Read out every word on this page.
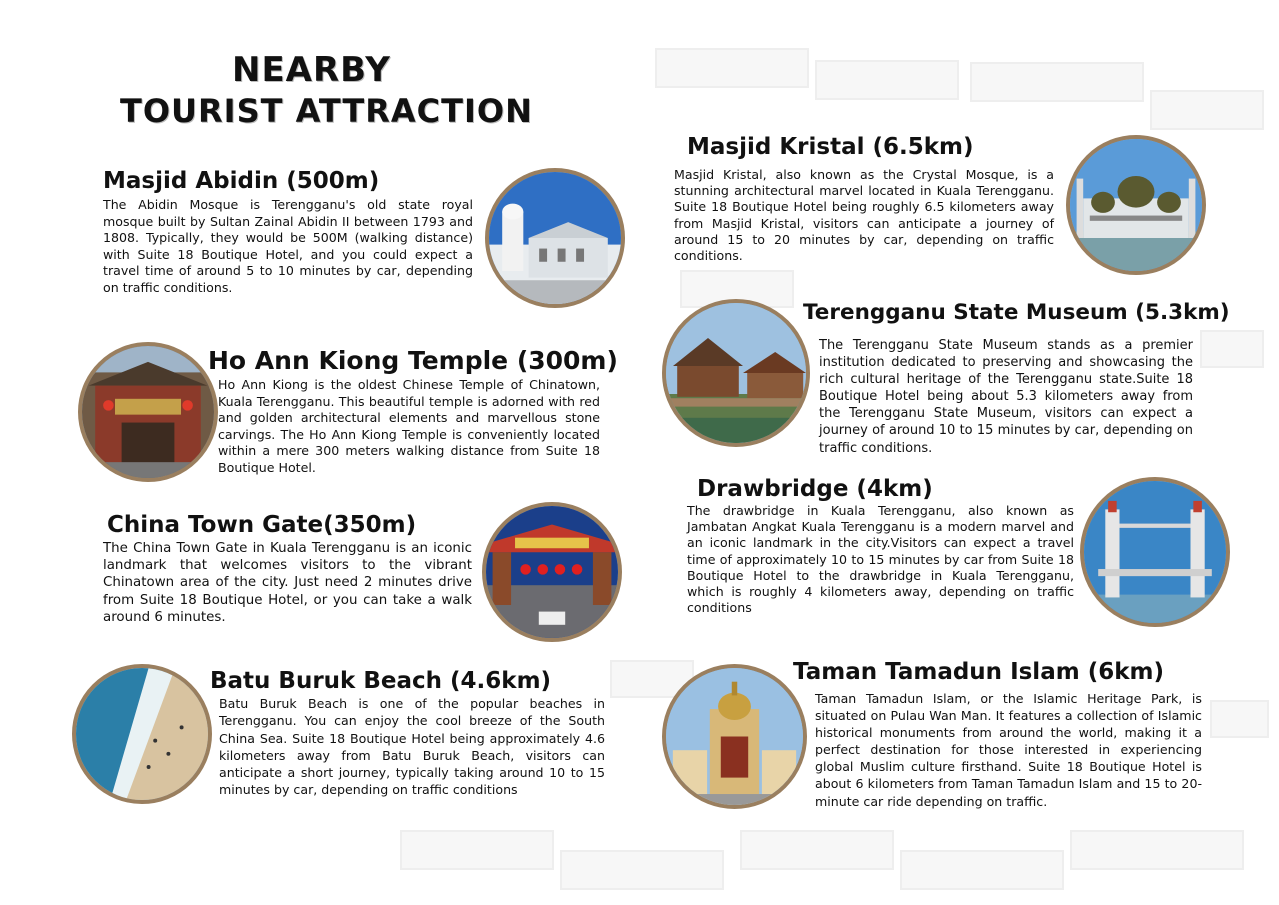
NEARBY
TOURIST ATTRACTION
Masjid Abidin (500m)
The Abidin Mosque is Terengganu's old state royal mosque built by Sultan Zainal Abidin II between 1793 and 1808. Typically, they would be 500M (walking distance) with Suite 18 Boutique Hotel, and you could expect a travel time of around 5 to 10 minutes by car, depending on traffic conditions.
Ho Ann Kiong Temple (300m)
Ho Ann Kiong is the oldest Chinese Temple of Chinatown, Kuala Terengganu. This beautiful temple is adorned with red and golden architectural elements and marvellous stone carvings. The Ho Ann Kiong Temple is conveniently located within a mere 300 meters walking distance from Suite 18 Boutique Hotel.
China Town Gate(350m)
The China Town Gate in Kuala Terengganu is an iconic landmark that welcomes visitors to the vibrant Chinatown area of the city. Just need 2 minutes drive from Suite 18 Boutique Hotel, or you can take a walk around 6 minutes.
Batu Buruk Beach (4.6km)
Batu Buruk Beach is one of the popular beaches in Terengganu. You can enjoy the cool breeze of the South China Sea. Suite 18 Boutique Hotel being approximately 4.6 kilometers away from Batu Buruk Beach, visitors can anticipate a short journey, typically taking around 10 to 15 minutes by car, depending on traffic conditions
Masjid Kristal (6.5km)
Masjid Kristal, also known as the Crystal Mosque, is a stunning architectural marvel located in Kuala Terengganu. Suite 18 Boutique Hotel being roughly 6.5 kilometers away from Masjid Kristal, visitors can anticipate a journey of around 15 to 20 minutes by car, depending on traffic conditions.
Terengganu State Museum (5.3km)
The Terengganu State Museum stands as a premier institution dedicated to preserving and showcasing the rich cultural heritage of the Terengganu state.Suite 18 Boutique Hotel being about 5.3 kilometers away from the Terengganu State Museum, visitors can expect a journey of around 10 to 15 minutes by car, depending on traffic conditions.
Drawbridge (4km)
The drawbridge in Kuala Terengganu, also known as Jambatan Angkat Kuala Terengganu is a modern marvel and an iconic landmark in the city.Visitors can expect a travel time of approximately 10 to 15 minutes by car from Suite 18 Boutique Hotel to the drawbridge in Kuala Terengganu, which is roughly 4 kilometers away, depending on traffic conditions
Taman Tamadun Islam (6km)
Taman Tamadun Islam, or the Islamic Heritage Park, is situated on Pulau Wan Man. It features a collection of Islamic historical monuments from around the world, making it a perfect destination for those interested in experiencing global Muslim culture firsthand. Suite 18 Boutique Hotel is about 6 kilometers from Taman Tamadun Islam and 15 to 20-minute car ride depending on traffic.
